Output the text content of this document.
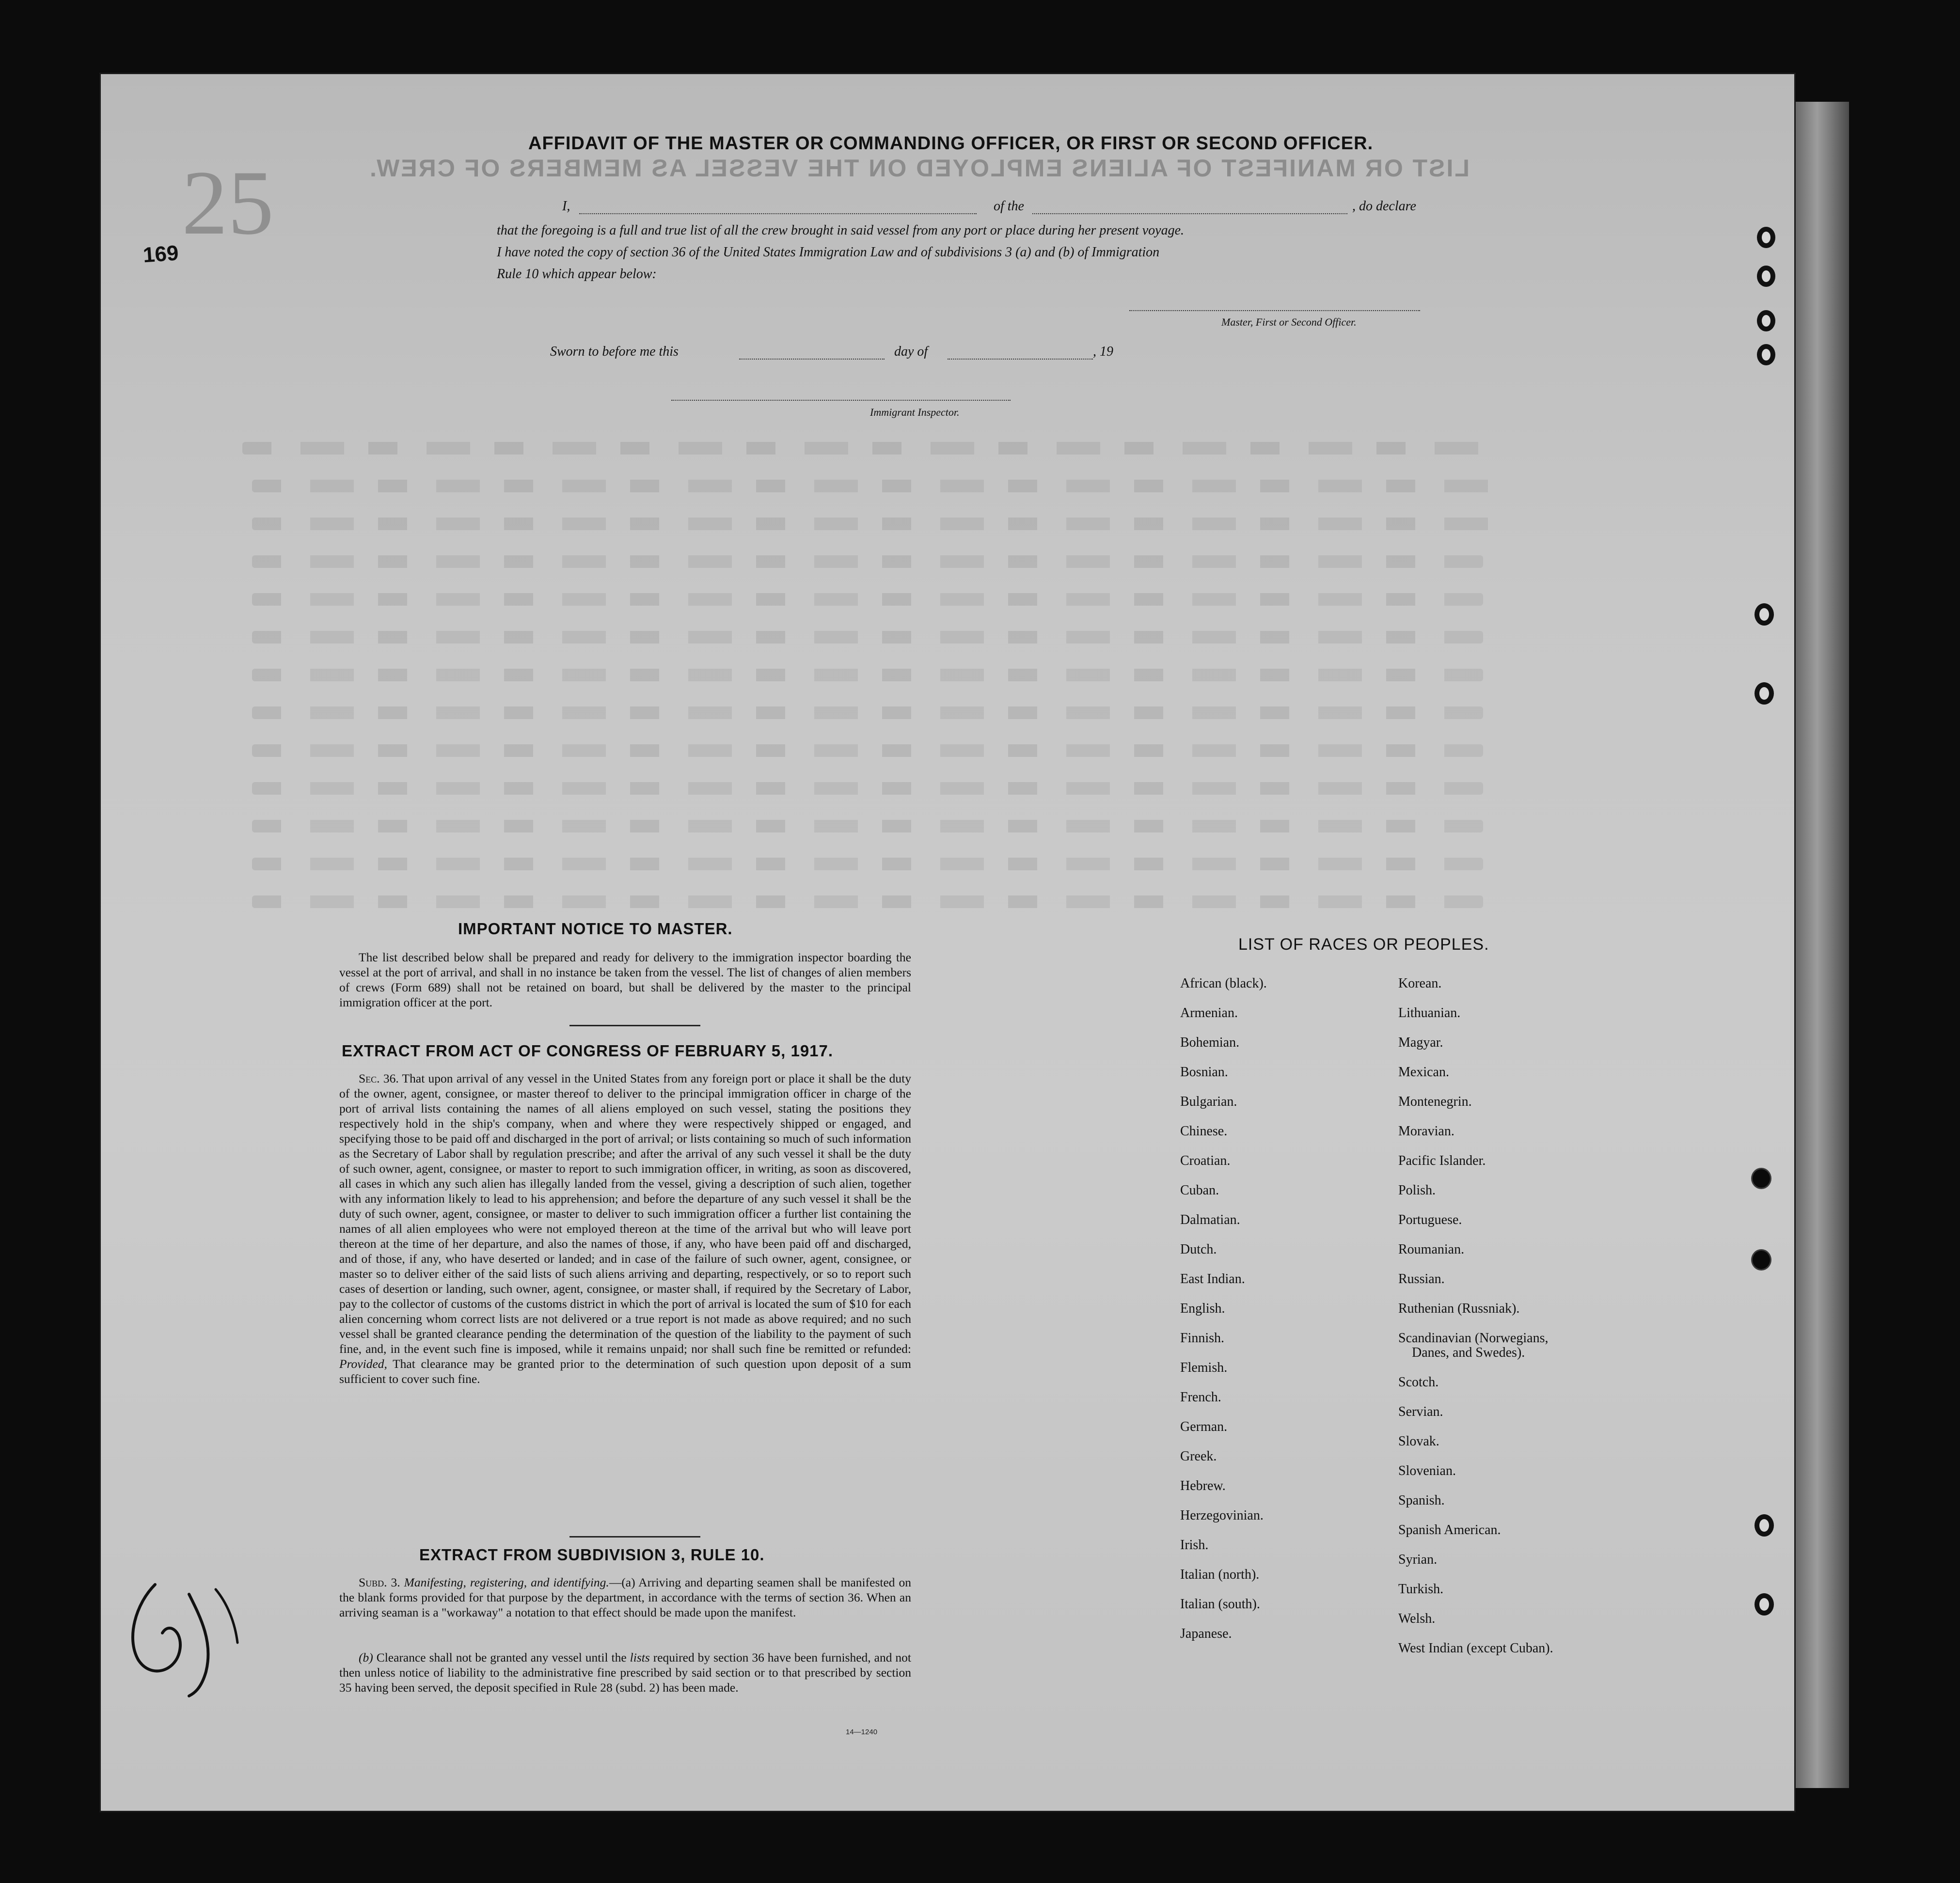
25
169
AFFIDAVIT OF THE MASTER OR COMMANDING OFFICER, OR FIRST OR SECOND OFFICER.
LIST OR MANIFEST OF ALIENS EMPLOYED ON THE VESSEL AS MEMBERS OF CREW.
I,	of the	, do declare
that the foregoing is a full and true list of all the crew brought in said vessel from any port or place during her present voyage.
I have noted the copy of section 36 of the United States Immigration Law and of subdivisions 3 (a) and (b) of Immigration
Rule 10 which appear below:
Master, First or Second Officer.
Sworn to before me this	day of	, 19
Immigrant Inspector.
IMPORTANT NOTICE TO MASTER.
The list described below shall be prepared and ready for delivery to the immigration inspector boarding the vessel at the port of arrival, and shall in no instance be taken from the vessel. The list of changes of alien members of crews (Form 689) shall not be retained on board, but shall be delivered by the master to the principal immigration officer at the port.
EXTRACT FROM ACT OF CONGRESS OF FEBRUARY 5, 1917.
Sec. 36. That upon arrival of any vessel in the United States from any foreign port or place it shall be the duty of the owner, agent, consignee, or master thereof to deliver to the principal immigration officer in charge of the port of arrival lists containing the names of all aliens employed on such vessel, stating the positions they respectively hold in the ship's company, when and where they were respectively shipped or engaged, and specifying those to be paid off and discharged in the port of arrival; or lists containing so much of such information as the Secretary of Labor shall by regulation prescribe; and after the arrival of any such vessel it shall be the duty of such owner, agent, consignee, or master to report to such immigration officer, in writing, as soon as discovered, all cases in which any such alien has illegally landed from the vessel, giving a description of such alien, together with any information likely to lead to his apprehension; and before the departure of any such vessel it shall be the duty of such owner, agent, consignee, or master to deliver to such immigration officer a further list containing the names of all alien employees who were not employed thereon at the time of the arrival but who will leave port thereon at the time of her departure, and also the names of those, if any, who have been paid off and discharged, and of those, if any, who have deserted or landed; and in case of the failure of such owner, agent, consignee, or master so to deliver either of the said lists of such aliens arriving and departing, respectively, or so to report such cases of desertion or landing, such owner, agent, consignee, or master shall, if required by the Secretary of Labor, pay to the collector of customs of the customs district in which the port of arrival is located the sum of $10 for each alien concerning whom correct lists are not delivered or a true report is not made as above required; and no such vessel shall be granted clearance pending the determination of the question of the liability to the payment of such fine, and, in the event such fine is imposed, while it remains unpaid; nor shall such fine be remitted or refunded: Provided, That clearance may be granted prior to the determination of such question upon deposit of a sum sufficient to cover such fine.
EXTRACT FROM SUBDIVISION 3, RULE 10.
Subd. 3. Manifesting, registering, and identifying.—(a) Arriving and departing seamen shall be manifested on the blank forms provided for that purpose by the department, in accordance with the terms of section 36. When an arriving seaman is a "workaway" a notation to that effect should be made upon the manifest.
(b) Clearance shall not be granted any vessel until the lists required by section 36 have been furnished, and not then unless notice of liability to the administrative fine prescribed by said section or to that prescribed by section 35 having been served, the deposit specified in Rule 28 (subd. 2) has been made.
14—1240
LIST OF RACES OR PEOPLES.
African (black).
Armenian.
Bohemian.
Bosnian.
Bulgarian.
Chinese.
Croatian.
Cuban.
Dalmatian.
Dutch.
East Indian.
English.
Finnish.
Flemish.
French.
German.
Greek.
Hebrew.
Herzegovinian.
Irish.
Italian (north).
Italian (south).
Japanese.
Korean.
Lithuanian.
Magyar.
Mexican.
Montenegrin.
Moravian.
Pacific Islander.
Polish.
Portuguese.
Roumanian.
Russian.
Ruthenian (Russniak).
Scandinavian (Norwegians,
Danes, and Swedes).
Scotch.
Servian.
Slovak.
Slovenian.
Spanish.
Spanish American.
Syrian.
Turkish.
Welsh.
West Indian (except Cuban).
